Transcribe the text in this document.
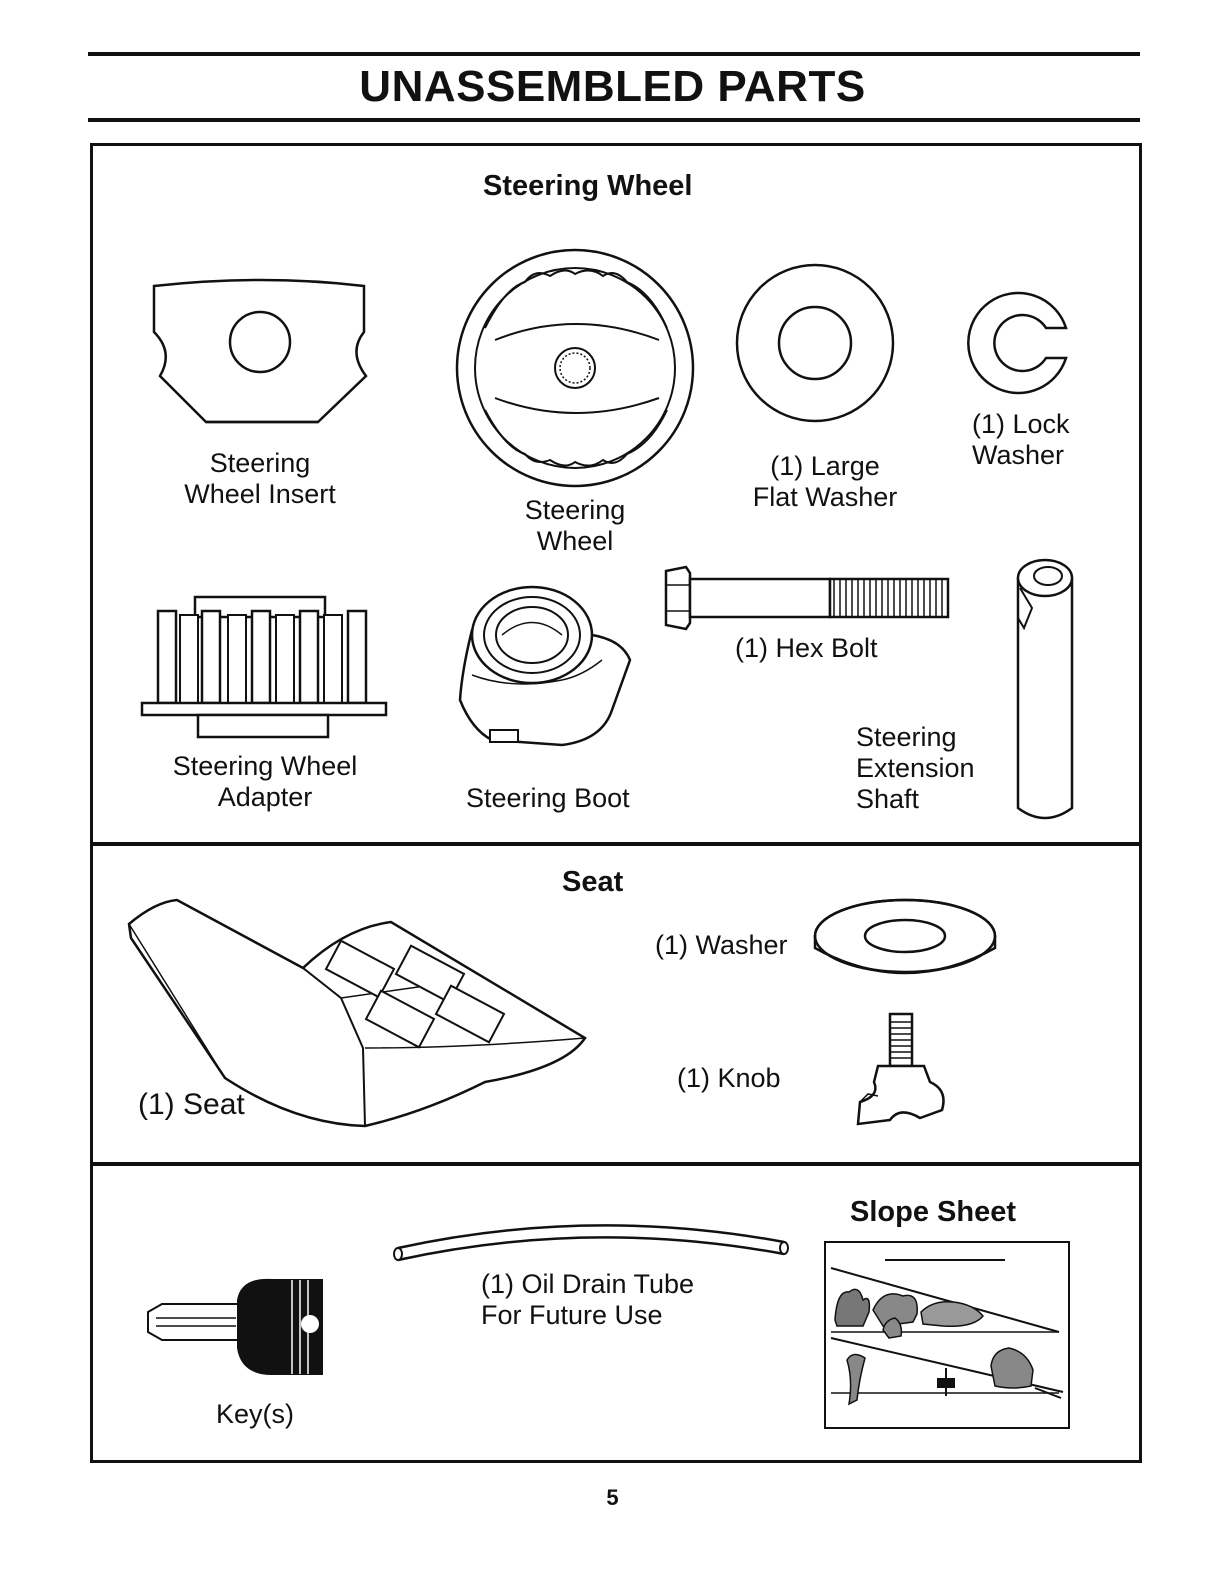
UNASSEMBLED PARTS
Steering Wheel
Steering
Wheel Insert
Steering
Wheel
(1) Large
Flat Washer
(1) Lock
Washer
Steering Wheel
Adapter	Steering Boot
(1) Hex Bolt
Steering
Extension
Shaft
Seat
(1) Seat
(1) Washer
(1) Knob
Key(s)
(1) Oil Drain Tube
For Future Use
Slope Sheet
5
